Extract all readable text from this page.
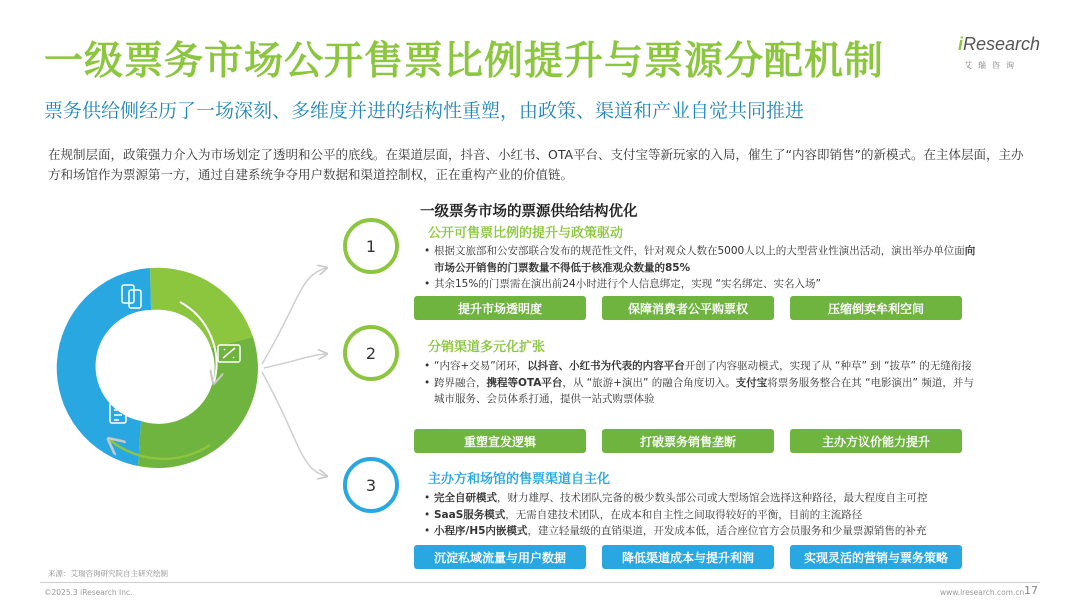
一级票务市场公开售票比例提升与票源分配机制
票务供给侧经历了一场深刻、多维度并进的结构性重塑，由政策、渠道和产业自觉共同推进
在规制层面，政策强力介入为市场划定了透明和公平的底线。在渠道层面，抖音、小红书、OTA平台、支付宝等新玩家的入局，催生了“内容即销售”的新模式。在主体层面，主办方和场馆作为票源第一方，通过自建系统争夺用户数据和渠道控制权，正在重构产业的价值链。
iResearch
艾瑞咨询
一级票务市场的票源供给结构优化
1
公开可售票比例的提升与政策驱动
• 根据文旅部和公安部联合发布的规范性文件，针对观众人数在5000人以上的大型营业性演出活动，演出举办单位面向市场公开销售的门票数量不得低于核准观众数量的85%
• 其余15%的门票需在演出前24小时进行个人信息绑定，实现 “实名绑定、实名入场”
提升市场透明度	保障消费者公平购票权	压缩倒卖牟利空间
2	分销渠道多元化扩张
• “内容+交易”闭环，以抖音、小红书为代表的内容平台开创了内容驱动模式，实现了从 “种草” 到 “拔草” 的无缝衔接
• 跨界融合，携程等OTA平台，从 “旅游+演出” 的融合角度切入。支付宝将票务服务整合在其 “电影演出” 频道，并与城市服务、会员体系打通，提供一站式购票体验
重塑宣发逻辑	打破票务销售垄断	主办方议价能力提升
3	主办方和场馆的售票渠道自主化
• 完全自研模式，财力雄厚、技术团队完备的极少数头部公司或大型场馆会选择这种路径，最大程度自主可控
• SaaS服务模式，无需自建技术团队，在成本和自主性之间取得较好的平衡，目前的主流路径
• 小程序/H5内嵌模式，建立轻量级的直销渠道，开发成本低，适合座位官方会员服务和少量票源销售的补充
沉淀私域流量与用户数据	降低渠道成本与提升利润	实现灵活的营销与票务策略
来源：艾瑞咨询研究院自主研究绘制
©2025.3 iResearch Inc.	www.iresearch.com.cn 17
